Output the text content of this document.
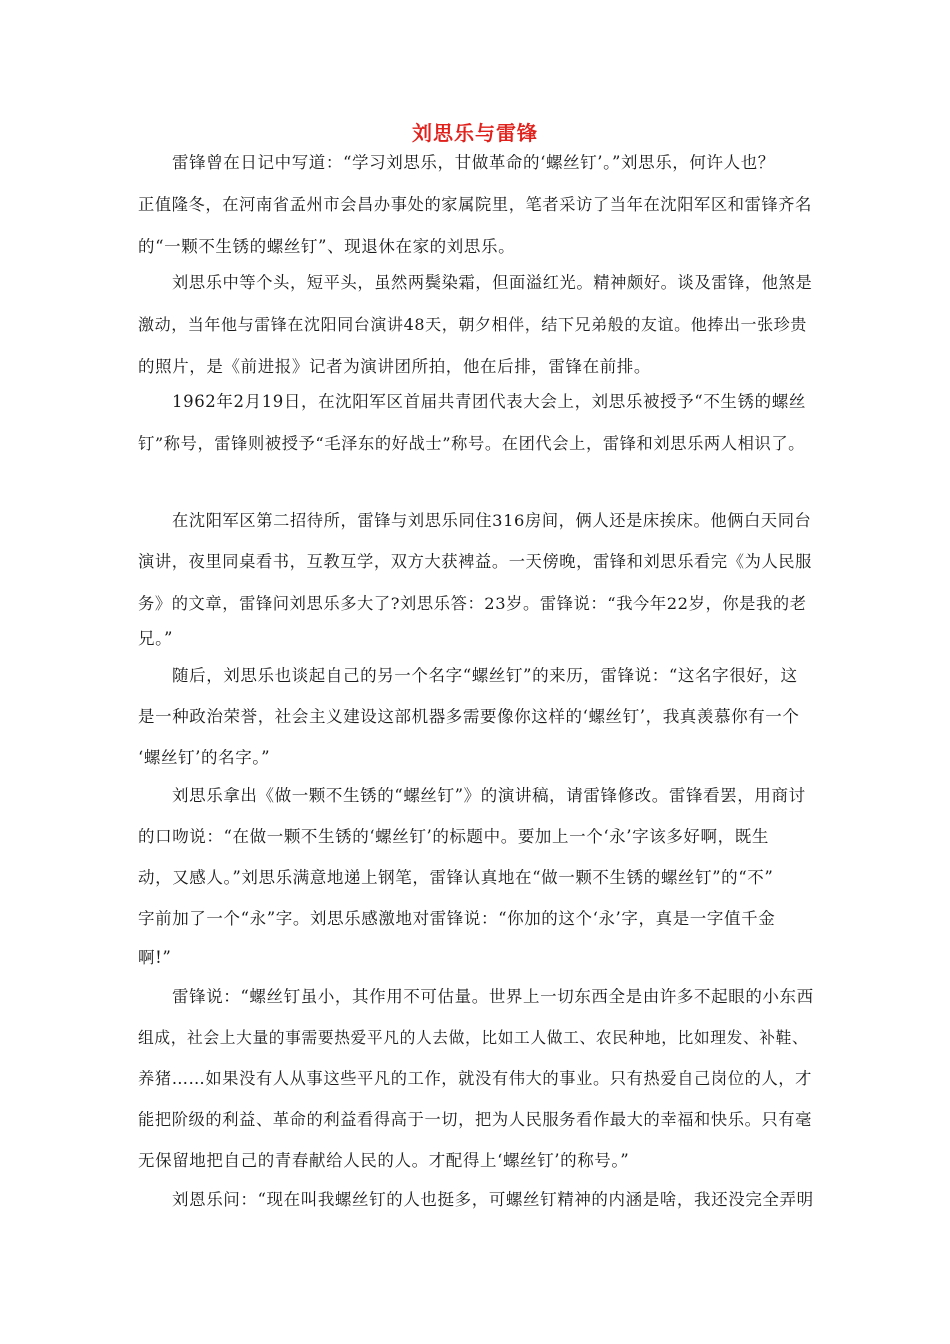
刘思乐与雷锋
雷锋曾在日记中写道：“学习刘思乐，甘做革命的‘螺丝钉’。”刘思乐，何许人也？
正值隆冬，在河南省孟州市会昌办事处的家属院里，笔者采访了当年在沈阳军区和雷锋齐名
的“一颗不生锈的螺丝钉”、现退休在家的刘思乐。
刘思乐中等个头，短平头，虽然两鬓染霜，但面溢红光。精神颇好。谈及雷锋，他煞是
激动，当年他与雷锋在沈阳同台演讲48天，朝夕相伴，结下兄弟般的友谊。他捧出一张珍贵
的照片，是《前进报》记者为演讲团所拍，他在后排，雷锋在前排。
1962年2月19日，在沈阳军区首届共青团代表大会上，刘思乐被授予“不生锈的螺丝
钉”称号，雷锋则被授予“毛泽东的好战士”称号。在团代会上，雷锋和刘思乐两人相识了。
在沈阳军区第二招待所，雷锋与刘思乐同住316房间，俩人还是床挨床。他俩白天同台
演讲，夜里同桌看书，互教互学，双方大获裨益。一天傍晚，雷锋和刘思乐看完《为人民服
务》的文章，雷锋问刘思乐多大了?刘思乐答：23岁。雷锋说：“我今年22岁，你是我的老
兄。”
随后，刘思乐也谈起自己的另一个名字“螺丝钉”的来历，雷锋说：“这名字很好，这
是一种政治荣誉，社会主义建设这部机器多需要像你这样的‘螺丝钉’，我真羡慕你有一个
‘螺丝钉’的名字。”
刘思乐拿出《做一颗不生锈的“螺丝钉”》的演讲稿，请雷锋修改。雷锋看罢，用商讨
的口吻说：“在做一颗不生锈的‘螺丝钉’的标题中。要加上一个‘永’字该多好啊，既生
动，又感人。”刘思乐满意地递上钢笔，雷锋认真地在“做一颗不生锈的螺丝钉”的“不”
字前加了一个“永”字。刘思乐感激地对雷锋说：“你加的这个‘永’字，真是一字值千金
啊!”
雷锋说：“螺丝钉虽小，其作用不可估量。世界上一切东西全是由许多不起眼的小东西
组成，社会上大量的事需要热爱平凡的人去做，比如工人做工、农民种地，比如理发、补鞋、
养猪……如果没有人从事这些平凡的工作，就没有伟大的事业。只有热爱自己岗位的人，才
能把阶级的利益、革命的利益看得高于一切，把为人民服务看作最大的幸福和快乐。只有毫
无保留地把自己的青春献给人民的人。才配得上‘螺丝钉’的称号。”
刘恩乐问：“现在叫我螺丝钉的人也挺多，可螺丝钉精神的内涵是啥，我还没完全弄明
